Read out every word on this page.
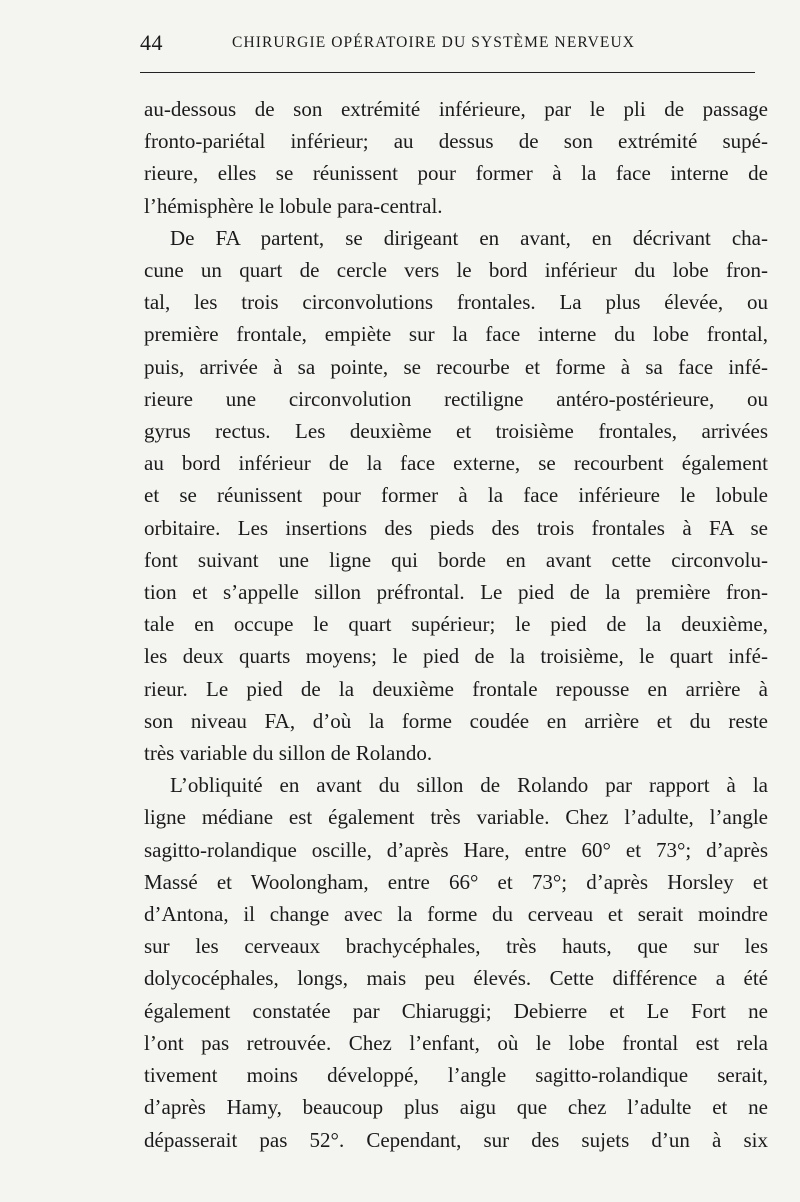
44	CHIRURGIE OPÉRATOIRE DU SYSTÈME NERVEUX

au-dessous de son extrémité inférieure, par le pli de passage
fronto-pariétal inférieur; au dessus de son extrémité supé-
rieure, elles se réunissent pour former à la face interne de
l’hémisphère le lobule para-central.

De FA partent, se dirigeant en avant, en décrivant cha-
cune un quart de cercle vers le bord inférieur du lobe fron-
tal, les trois circonvolutions frontales. La plus élevée, ou
première frontale, empiète sur la face interne du lobe frontal,
puis, arrivée à sa pointe, se recourbe et forme à sa face infé-
rieure une circonvolution rectiligne antéro-postérieure, ou
gyrus rectus. Les deuxième et troisième frontales, arrivées
au bord inférieur de la face externe, se recourbent également
et se réunissent pour former à la face inférieure le lobule
orbitaire. Les insertions des pieds des trois frontales à FA se
font suivant une ligne qui borde en avant cette circonvolu-
tion et s’appelle sillon préfrontal. Le pied de la première fron-
tale en occupe le quart supérieur; le pied de la deuxième,
les deux quarts moyens; le pied de la troisième, le quart infé-
rieur. Le pied de la deuxième frontale repousse en arrière à
son niveau FA, d’où la forme coudée en arrière et du reste
très variable du sillon de Rolando.

L’obliquité en avant du sillon de Rolando par rapport à la
ligne médiane est également très variable. Chez l’adulte, l’angle
sagitto-rolandique oscille, d’après Hare, entre 60° et 73°; d’après
Massé et Woolongham, entre 66° et 73°; d’après Horsley et
d’Antona, il change avec la forme du cerveau et serait moindre
sur les cerveaux brachycéphales, très hauts, que sur les
dolycocéphales, longs, mais peu élevés. Cette différence a été
également constatée par Chiaruggi; Debierre et Le Fort ne
l’ont pas retrouvée. Chez l’enfant, où le lobe frontal est rela
tivement moins développé, l’angle sagitto-rolandique serait,
d’après Hamy, beaucoup plus aigu que chez l’adulte et ne
dépasserait pas 52°. Cependant, sur des sujets d’un à six
